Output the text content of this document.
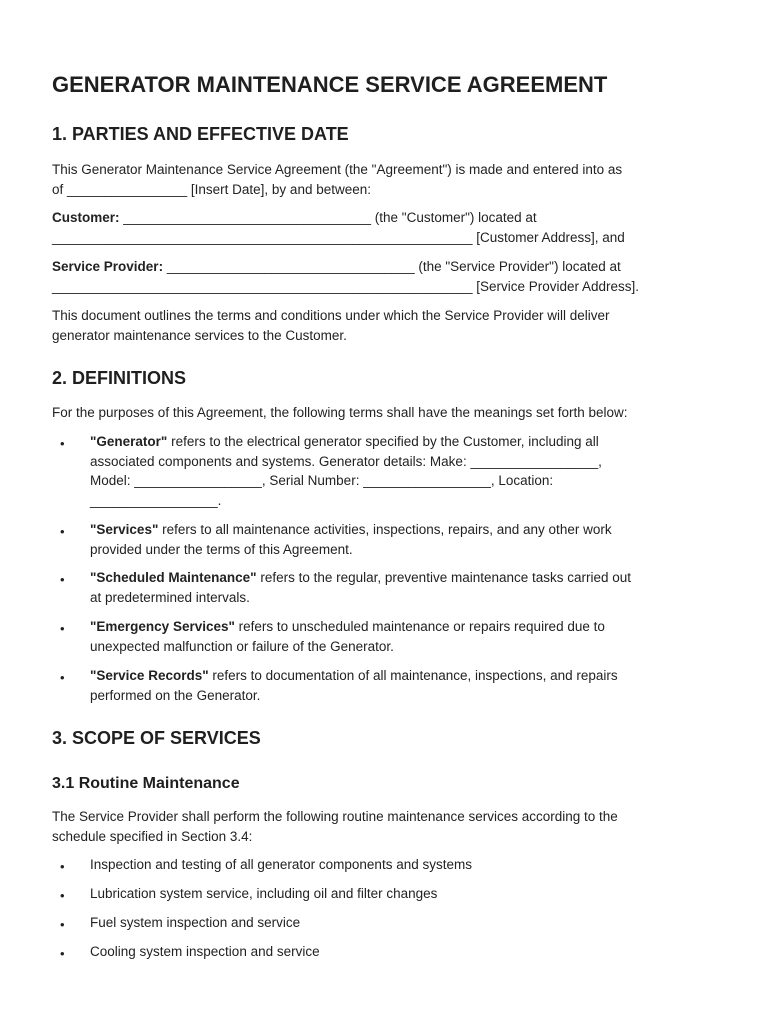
GENERATOR MAINTENANCE SERVICE AGREEMENT
1. PARTIES AND EFFECTIVE DATE
This Generator Maintenance Service Agreement (the "Agreement") is made and entered into as
of ________________ [Insert Date], by and between:
Customer: _________________________________ (the "Customer") located at
________________________________________________________ [Customer Address], and
Service Provider: _________________________________ (the "Service Provider") located at
________________________________________________________ [Service Provider Address].
This document outlines the terms and conditions under which the Service Provider will deliver
generator maintenance services to the Customer.
2. DEFINITIONS
For the purposes of this Agreement, the following terms shall have the meanings set forth below:
• "Generator" refers to the electrical generator specified by the Customer, including all
associated components and systems. Generator details: Make: _________________,
Model: _________________, Serial Number: _________________, Location:
_________________.
• "Services" refers to all maintenance activities, inspections, repairs, and any other work
provided under the terms of this Agreement.
• "Scheduled Maintenance" refers to the regular, preventive maintenance tasks carried out
at predetermined intervals.
• "Emergency Services" refers to unscheduled maintenance or repairs required due to
unexpected malfunction or failure of the Generator.
• "Service Records" refers to documentation of all maintenance, inspections, and repairs
performed on the Generator.
3. SCOPE OF SERVICES
3.1 Routine Maintenance
The Service Provider shall perform the following routine maintenance services according to the
schedule specified in Section 3.4:
• Inspection and testing of all generator components and systems
• Lubrication system service, including oil and filter changes
• Fuel system inspection and service
• Cooling system inspection and service
